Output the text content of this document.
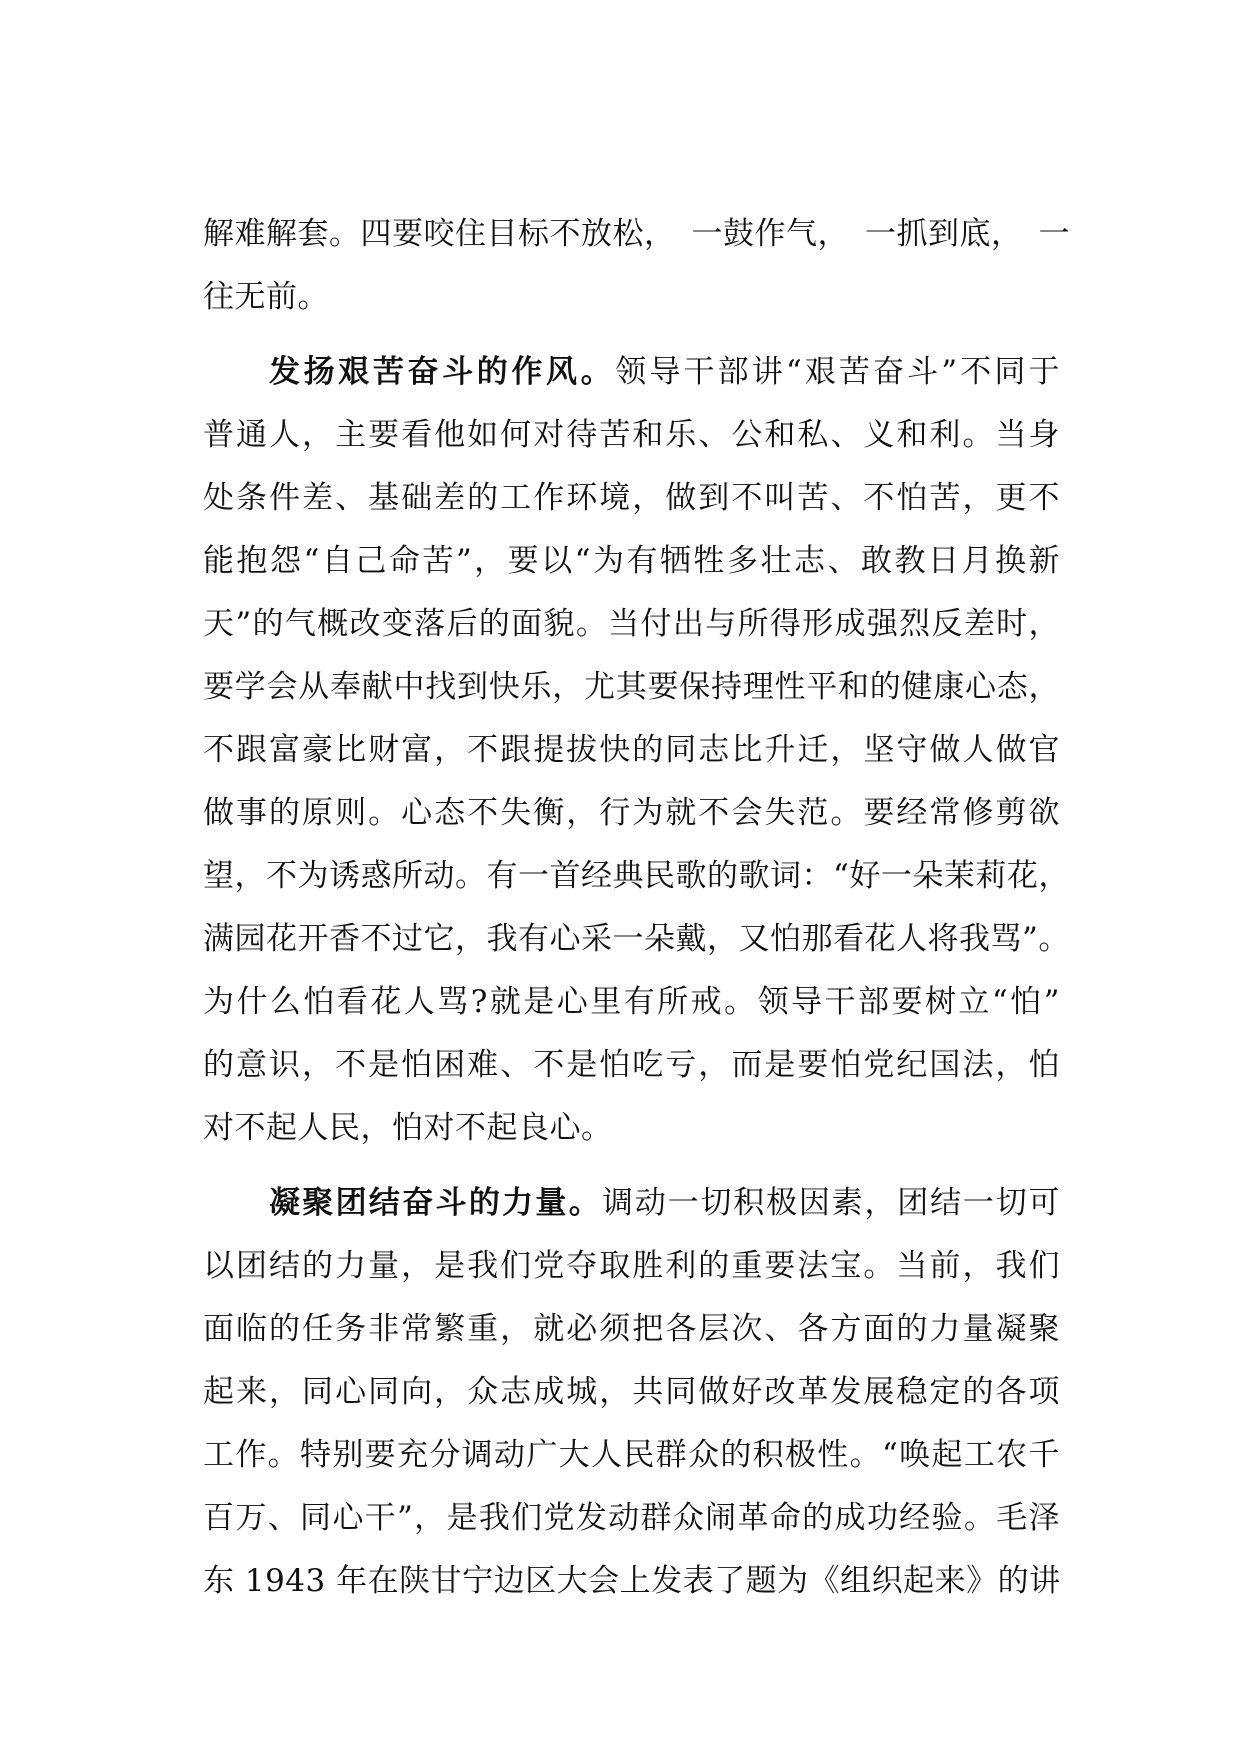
解难解套。四要咬住目标不放松，　一鼓作气，　一抓到底，　一
往无前。
发扬艰苦奋斗的作风。领导干部讲“艰苦奋斗”不同于
普通人，主要看他如何对待苦和乐、公和私、义和利。当身
处条件差、基础差的工作环境，做到不叫苦、不怕苦，更不
能抱怨“自己命苦”，要以“为有牺牲多壮志、敢教日月换新
天”的气概改变落后的面貌。当付出与所得形成强烈反差时，
要学会从奉献中找到快乐，尤其要保持理性平和的健康心态，
不跟富豪比财富，不跟提拔快的同志比升迁，坚守做人做官
做事的原则。心态不失衡，行为就不会失范。要经常修剪欲
望，不为诱惑所动。有一首经典民歌的歌词：“好一朵茉莉花，
满园花开香不过它，我有心采一朵戴，又怕那看花人将我骂”。
为什么怕看花人骂?就是心里有所戒。领导干部要树立“怕”
的意识，不是怕困难、不是怕吃亏，而是要怕党纪国法，怕
对不起人民，怕对不起良心。
凝聚团结奋斗的力量。调动一切积极因素，团结一切可
以团结的力量，是我们党夺取胜利的重要法宝。当前，我们
面临的任务非常繁重，就必须把各层次、各方面的力量凝聚
起来，同心同向，众志成城，共同做好改革发展稳定的各项
工作。特别要充分调动广大人民群众的积极性。“唤起工农千
百万、同心干”，是我们党发动群众闹革命的成功经验。毛泽
东 1943 年在陕甘宁边区大会上发表了题为《组织起来》的讲
